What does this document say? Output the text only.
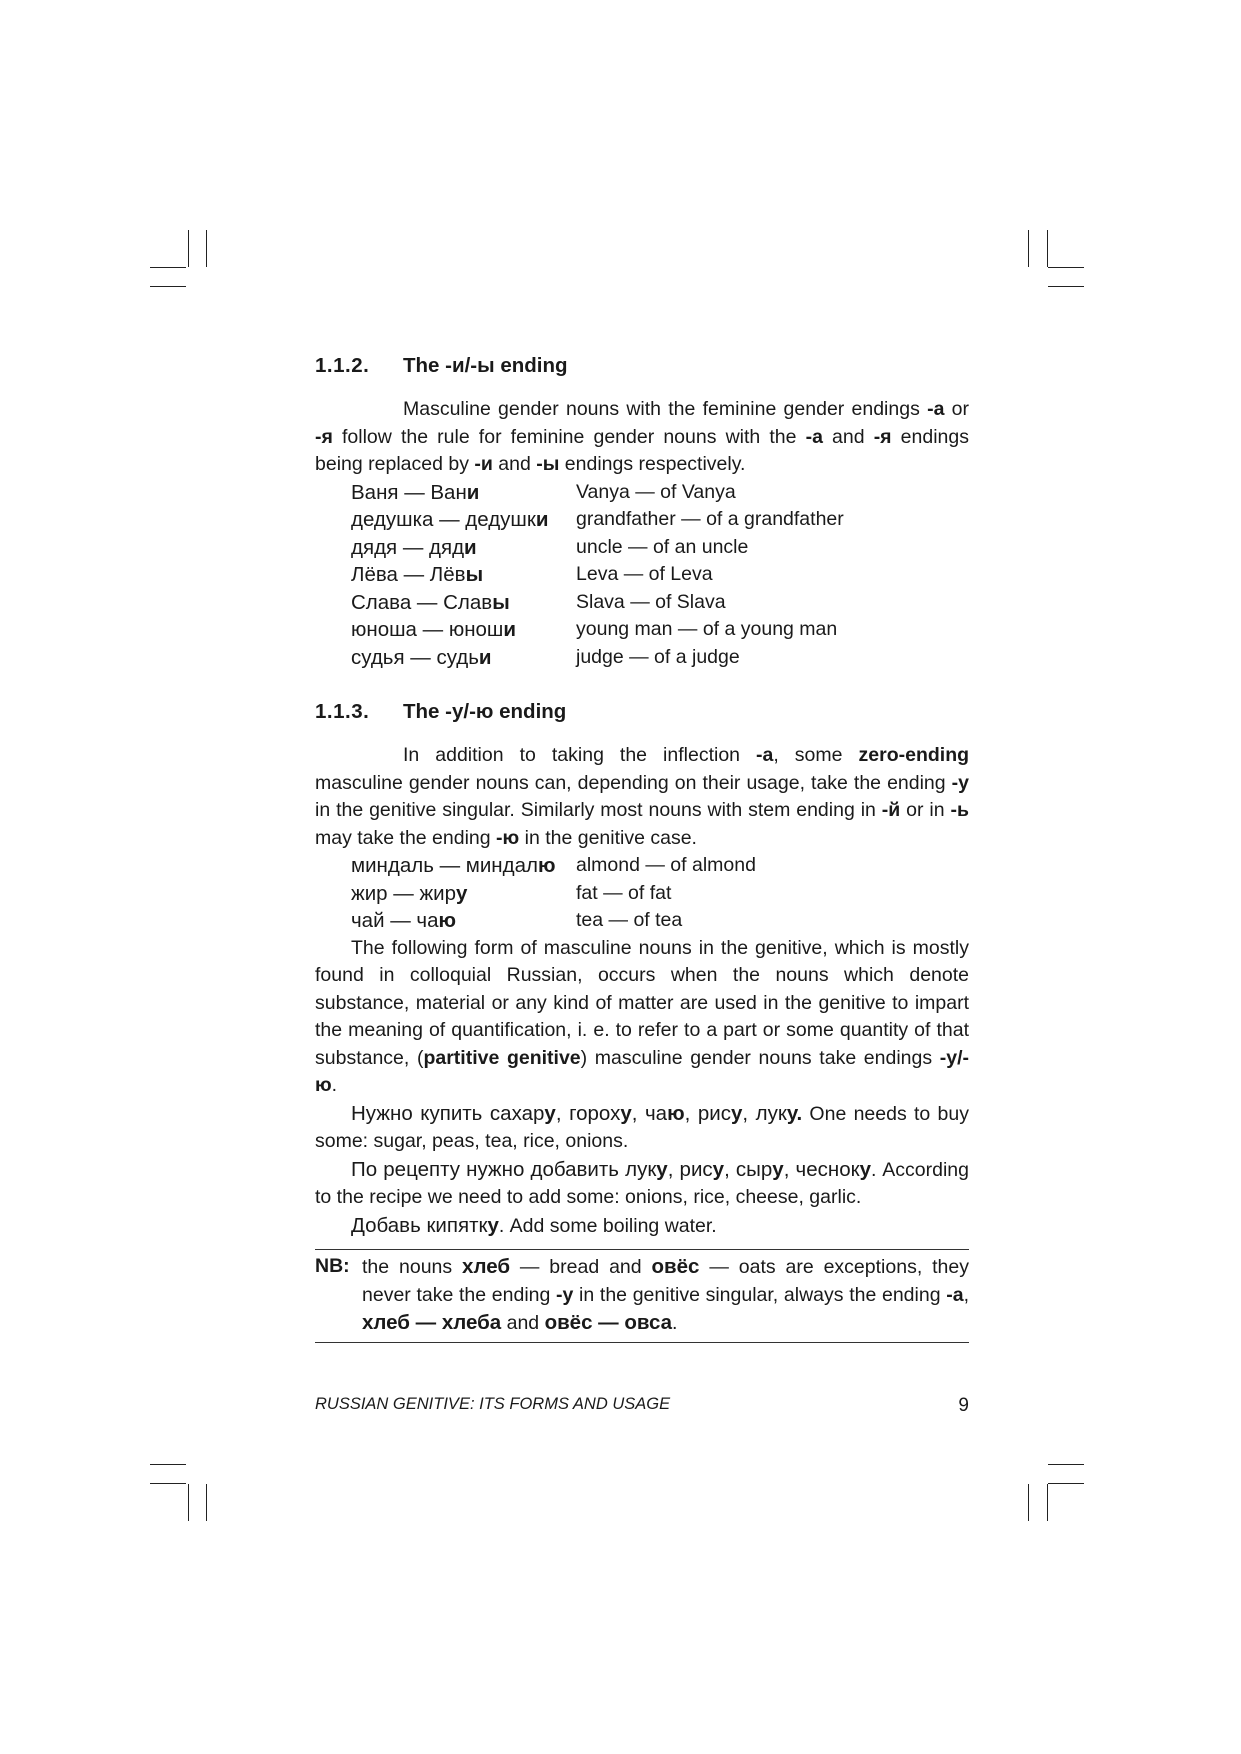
1.1.2. The -и/-ы ending

Masculine gender nouns with the feminine gender endings -а or -я follow the rule for feminine gender nouns with the -а and -я endings being replaced by -и and -ы endings respectively.

Ваня — Вани	Vanya — of Vanya
дедушка — дедушки	grandfather — of a grandfather
дядя — дяди	uncle — of an uncle
Лёва — Лёвы	Leva — of Leva
Слава — Славы	Slava — of Slava
юноша — юноши	young man — of a young man
судья — судьи	judge — of a judge
1.1.3. The -у/-ю ending

In addition to taking the inflection -а, some zero-ending masculine gender nouns can, depending on their usage, take the ending -у in the genitive singular. Similarly most nouns with stem ending in -й or in -ь may take the ending -ю in the genitive case.

миндаль — миндалю	almond — of almond
жир — жиру	fat — of fat
чай — чаю	tea — of tea

The following form of masculine nouns in the genitive, which is mostly found in colloquial Russian, occurs when the nouns which denote substance, material or any kind of matter are used in the genitive to impart the meaning of quantification, i. e. to refer to a part or some quantity of that substance, (partitive genitive) masculine gender nouns take endings -у/-ю.

Нужно купить сахару, гороху, чаю, рису, луку. One needs to buy some: sugar, peas, tea, rice, onions.

По рецепту нужно добавить луку, рису, сыру, чесноку. According to the recipe we need to add some: onions, rice, cheese, garlic.

Добавь кипятку. Add some boiling water.

NB: the nouns хлеб — bread and овёс — oats are exceptions, they never take the ending -у in the genitive singular, always the ending -а, хлеб — хлеба and овёс — овса.
RUSSIAN GENITIVE: ITS FORMS AND USAGE	9
